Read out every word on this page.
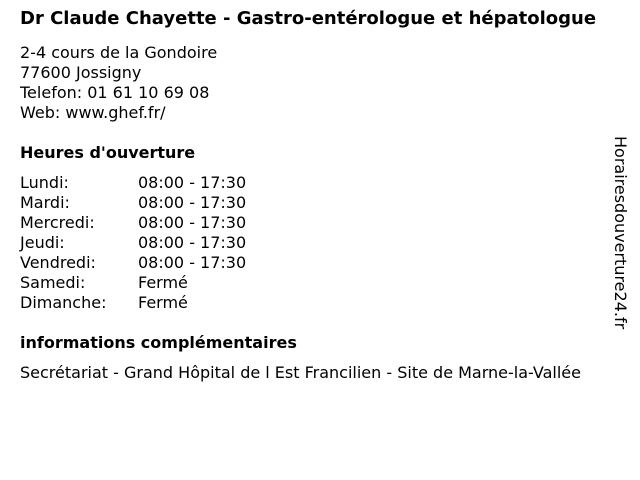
Dr Claude Chayette - Gastro-entérologue et hépatologue
2-4 cours de la Gondoire
77600 Jossigny
Telefon: 01 61 10 69 08
Web: www.ghef.fr/
Heures d'ouverture
Lundi:	08:00 - 17:30
Mardi:	08:00 - 17:30
Mercredi:	08:00 - 17:30
Jeudi:	08:00 - 17:30
Vendredi:	08:00 - 17:30
Samedi:	Fermé
Dimanche:	Fermé
informations complémentaires
Secrétariat - Grand Hôpital de l Est Francilien - Site de Marne-la-Vallée
Horairesdouverture24.fr
